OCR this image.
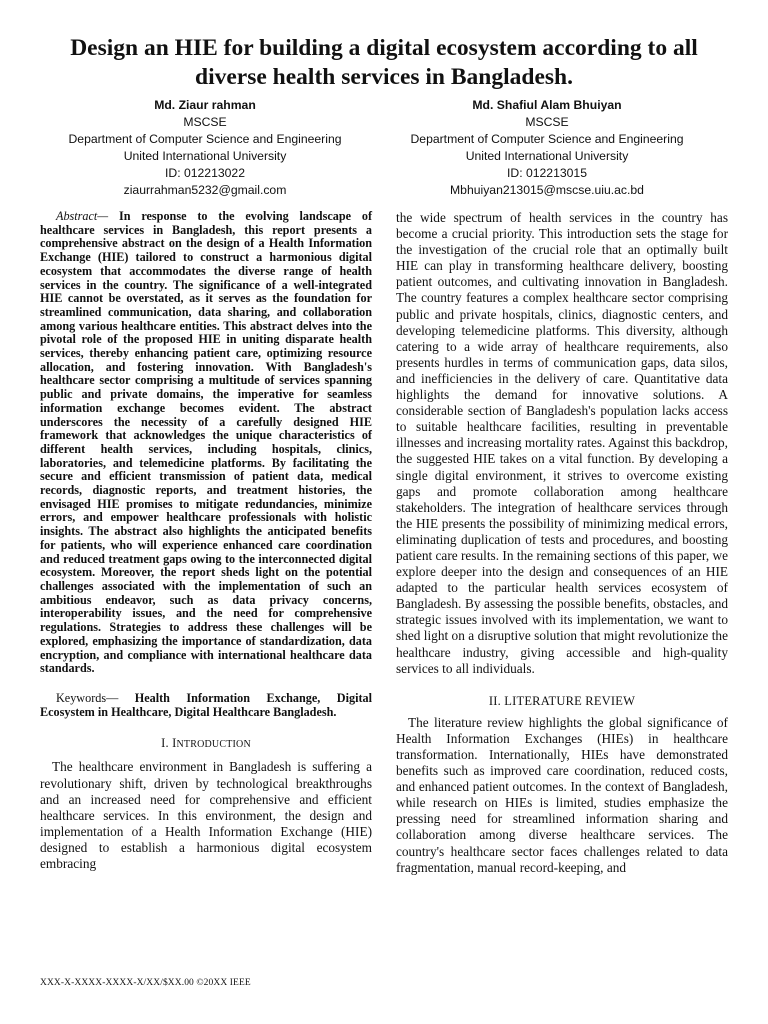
Design an HIE for building a digital ecosystem according to all diverse health services in Bangladesh.
Md. Ziaur rahman
MSCSE
Department of Computer Science and Engineering
United International University
ID: 012213022
ziaurrahman5232@gmail.com
Md. Shafiul Alam Bhuiyan
MSCSE
Department of Computer Science and Engineering
United International University
ID: 012213015
Mbhuiyan213015@mscse.uiu.ac.bd

Abstract— In response to the evolving landscape of healthcare services in Bangladesh, this report presents a comprehensive abstract on the design of a Health Information Exchange (HIE) tailored to construct a harmonious digital ecosystem that accommodates the diverse range of health services in the country. The significance of a well-integrated HIE cannot be overstated, as it serves as the foundation for streamlined communication, data sharing, and collaboration among various healthcare entities. This abstract delves into the pivotal role of the proposed HIE in uniting disparate health services, thereby enhancing patient care, optimizing resource allocation, and fostering innovation. With Bangladesh's healthcare sector comprising a multitude of services spanning public and private domains, the imperative for seamless information exchange becomes evident. The abstract underscores the necessity of a carefully designed HIE framework that acknowledges the unique characteristics of different health services, including hospitals, clinics, laboratories, and telemedicine platforms. By facilitating the secure and efficient transmission of patient data, medical records, diagnostic reports, and treatment histories, the envisaged HIE promises to mitigate redundancies, minimize errors, and empower healthcare professionals with holistic insights. The abstract also highlights the anticipated benefits for patients, who will experience enhanced care coordination and reduced treatment gaps owing to the interconnected digital ecosystem. Moreover, the report sheds light on the potential challenges associated with the implementation of such an ambitious endeavor, such as data privacy concerns, interoperability issues, and the need for comprehensive regulations. Strategies to address these challenges will be explored, emphasizing the importance of standardization, data encryption, and compliance with international healthcare data standards.

Keywords— Health Information Exchange, Digital Ecosystem in Healthcare, Digital Healthcare Bangladesh.

I. INTRODUCTION

The healthcare environment in Bangladesh is suffering a revolutionary shift, driven by technological breakthroughs and an increased need for comprehensive and efficient healthcare services. In this environment, the design and implementation of a Health Information Exchange (HIE) designed to establish a harmonious digital ecosystem embracing

the wide spectrum of health services in the country has become a crucial priority. This introduction sets the stage for the investigation of the crucial role that an optimally built HIE can play in transforming healthcare delivery, boosting patient outcomes, and cultivating innovation in Bangladesh. The country features a complex healthcare sector comprising public and private hospitals, clinics, diagnostic centers, and developing telemedicine platforms. This diversity, although catering to a wide array of healthcare requirements, also presents hurdles in terms of communication gaps, data silos, and inefficiencies in the delivery of care. Quantitative data highlights the demand for innovative solutions. A considerable section of Bangladesh's population lacks access to suitable healthcare facilities, resulting in preventable illnesses and increasing mortality rates. Against this backdrop, the suggested HIE takes on a vital function. By developing a single digital environment, it strives to overcome existing gaps and promote collaboration among healthcare stakeholders. The integration of healthcare services through the HIE presents the possibility of minimizing medical errors, eliminating duplication of tests and procedures, and boosting patient care results. In the remaining sections of this paper, we explore deeper into the design and consequences of an HIE adapted to the particular health services ecosystem of Bangladesh. By assessing the possible benefits, obstacles, and strategic issues involved with its implementation, we want to shed light on a disruptive solution that might revolutionize the healthcare industry, giving accessible and high-quality services to all individuals.

II. LITERATURE REVIEW

The literature review highlights the global significance of Health Information Exchanges (HIEs) in healthcare transformation. Internationally, HIEs have demonstrated benefits such as improved care coordination, reduced costs, and enhanced patient outcomes. In the context of Bangladesh, while research on HIEs is limited, studies emphasize the pressing need for streamlined information sharing and collaboration among diverse healthcare services. The country's healthcare sector faces challenges related to data fragmentation, manual record-keeping, and

XXX-X-XXXX-XXXX-X/XX/$XX.00 ©20XX IEEE
